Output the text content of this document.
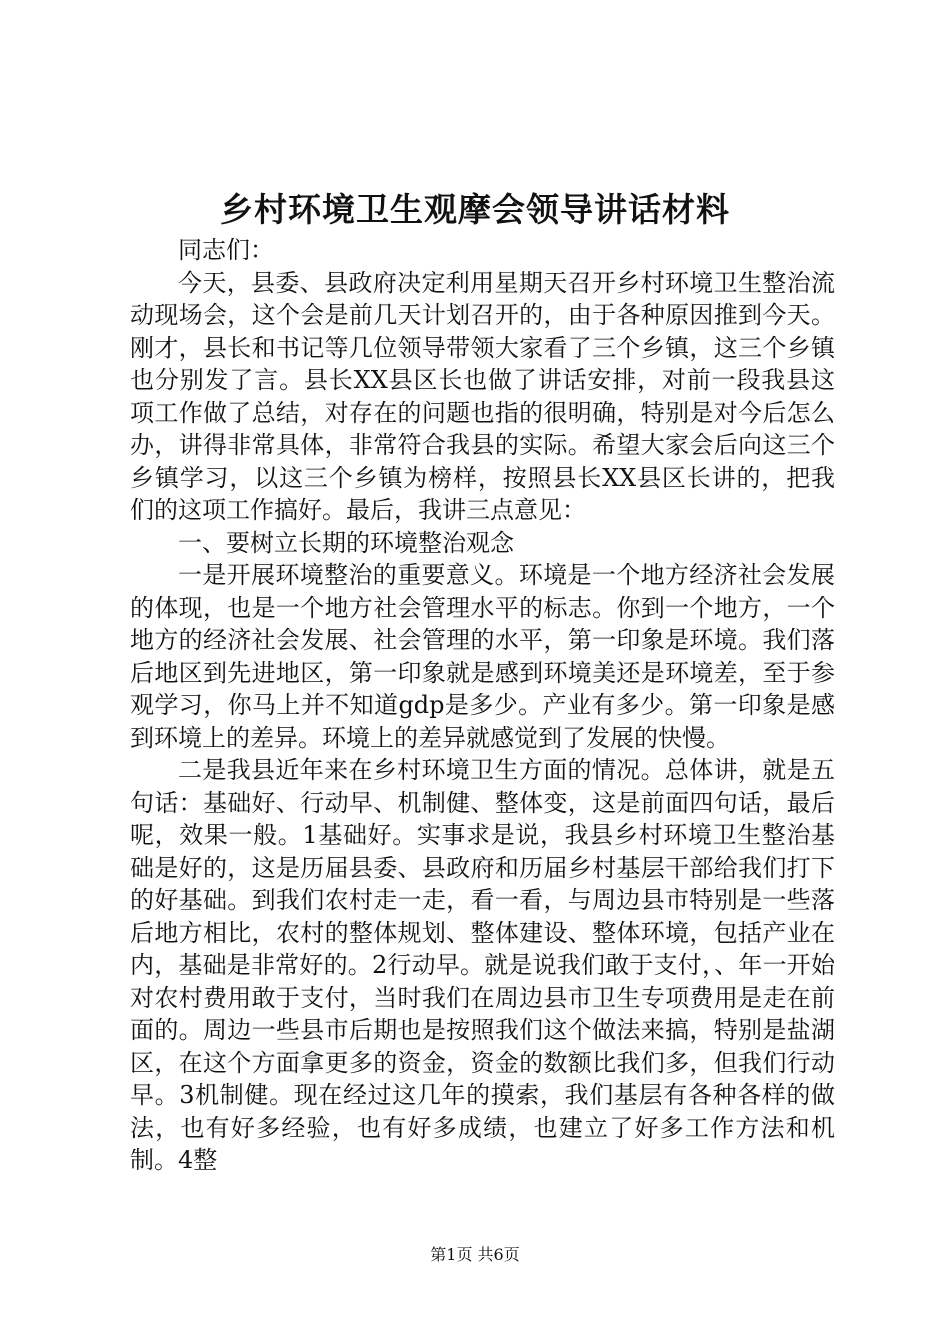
乡村环境卫生观摩会领导讲话材料

同志们：

今天，县委、县政府决定利用星期天召开乡村环境卫生整治流动现场会，这个会是前几天计划召开的，由于各种原因推到今天。刚才，县长和书记等几位领导带领大家看了三个乡镇，这三个乡镇也分别发了言。县长XX县区长也做了讲话安排，对前一段我县这项工作做了总结，对存在的问题也指的很明确，特别是对今后怎么办，讲得非常具体，非常符合我县的实际。希望大家会后向这三个乡镇学习，以这三个乡镇为榜样，按照县长XX县区长讲的，把我们的这项工作搞好。最后，我讲三点意见：

一、要树立长期的环境整治观念

一是开展环境整治的重要意义。环境是一个地方经济社会发展的体现，也是一个地方社会管理水平的标志。你到一个地方，一个地方的经济社会发展、社会管理的水平，第一印象是环境。我们落后地区到先进地区，第一印象就是感到环境美还是环境差，至于参观学习，你马上并不知道gdp是多少。产业有多少。第一印象是感到环境上的差异。环境上的差异就感觉到了发展的快慢。

二是我县近年来在乡村环境卫生方面的情况。总体讲，就是五句话：基础好、行动早、机制健、整体变，这是前面四句话，最后呢，效果一般。1基础好。实事求是说，我县乡村环境卫生整治基础是好的，这是历届县委、县政府和历届乡村基层干部给我们打下的好基础。到我们农村走一走，看一看，与周边县市特别是一些落后地方相比，农村的整体规划、整体建设、整体环境，包括产业在内，基础是非常好的。2行动早。就是说我们敢于支付，、年一开始对农村费用敢于支付，当时我们在周边县市卫生专项费用是走在前面的。周边一些县市后期也是按照我们这个做法来搞，特别是盐湖区，在这个方面拿更多的资金，资金的数额比我们多，但我们行动早。3机制健。现在经过这几年的摸索，我们基层有各种各样的做法，也有好多经验，也有好多成绩，也建立了好多工作方法和机制。4整

第1页 共6页
